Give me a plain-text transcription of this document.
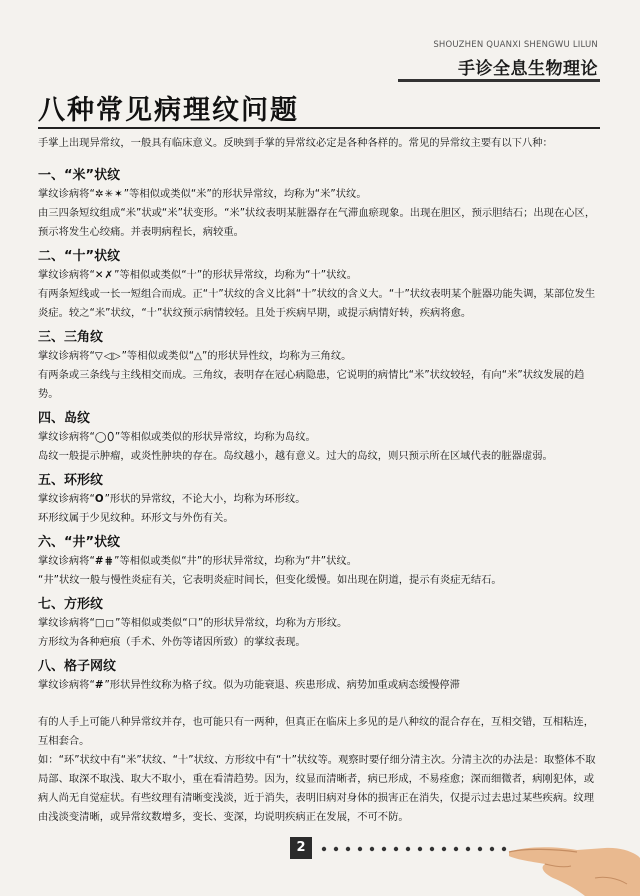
SHOUZHEN QUANXI SHENGWU LILUN
手诊全息生物理论
八种常见病理纹问题

手掌上出现异常纹，一般具有临床意义。反映到手掌的异常纹必定是各种各样的。常见的异常纹主要有以下八种：

一、“米”状纹

掌纹诊病将“✲✳✶”等相似或类似“米”的形状异常纹，均称为“米”状纹。

由三四条短纹组成“米”状或“米”状变形。“米”状纹表明某脏器存在气滞血瘀现象。出现在胆区，预示胆结石；出现在心区，预示将发生心绞痛。并表明病程长，病较重。

二、“十”状纹

掌纹诊病将“✕✗”等相似或类似“十”的形状异常纹，均称为“十”状纹。

有两条短线或一长一短组合而成。正“十”状纹的含义比斜“十”状纹的含义大。“十”状纹表明某个脏器功能失调，某部位发生炎症。较之“米”状纹，“十”状纹预示病情较轻。且处于疾病早期，或提示病情好转，疾病将愈。

三、三角纹

掌纹诊病将“▽◁▷”等相似或类似“△”的形状异性纹，均称为三角纹。

有两条或三条线与主线相交而成。三角纹，表明存在冠心病隐患，它说明的病情比“米”状纹较轻，有向“米”状纹发展的趋势。

四、岛纹

掌纹诊病将“◯⬯”等相似或类似的形状异常纹，均称为岛纹。

岛纹一般提示肿瘤，或炎性肿块的存在。岛纹越小，越有意义。过大的岛纹，则只预示所在区域代表的脏器虚弱。

五、环形纹

掌纹诊病将“O”形状的异常纹，不论大小，均称为环形纹。

环形纹属于少见纹种。环形文与外伤有关。

六、“井”状纹

掌纹诊病将“#⋕”等相似或类似“井”的形状异常纹，均称为“井”状纹。

“井”状纹一般与慢性炎症有关，它表明炎症时间长，但变化缓慢。如出现在阴道，提示有炎症无结石。

七、方形纹

掌纹诊病将“□◻”等相似或类似“口”的形状异常纹，均称为方形纹。

方形纹为各种疤痕（手术、外伤等诸因所致）的掌纹表现。

八、格子网纹

掌纹诊病将“#”形状异性纹称为格子纹。似为功能衰退、疾患形成、病势加重或病态缓慢停滞

有的人手上可能八种异常纹并存，也可能只有一两种，但真正在临床上多见的是八种纹的混合存在，互相交错，互相粘连，互相套合。

如：“环”状纹中有“米”状纹、“十”状纹、方形纹中有“十”状纹等。观察时要仔细分清主次。分清主次的办法是：取整体不取局部、取深不取浅、取大不取小，重在看清趋势。因为，纹显而清晰者，病已形成，不易痊愈；深而细微者，病刚犯体，或病人尚无自觉症状。有些纹理有清晰变浅淡，近于消失，表明旧病对身体的损害正在消失，仅提示过去患过某些疾病。纹理由浅淡变清晰，或异常纹数增多，变长、变深，均说明疾病正在发展，不可不防。

2
